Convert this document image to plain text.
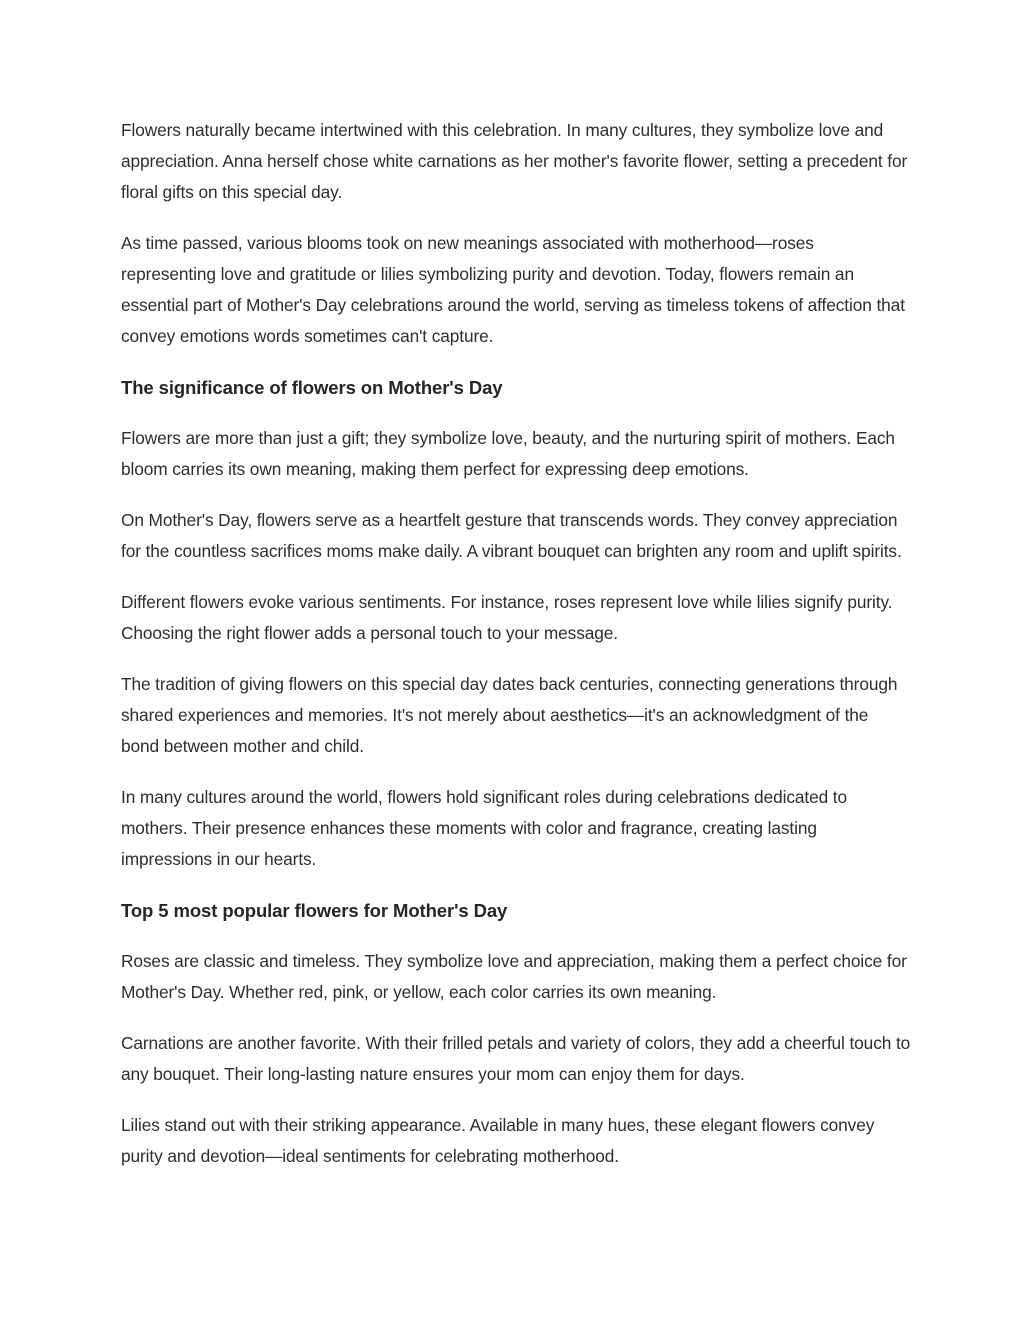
Flowers naturally became intertwined with this celebration. In many cultures, they symbolize love and appreciation. Anna herself chose white carnations as her mother's favorite flower, setting a precedent for floral gifts on this special day.

As time passed, various blooms took on new meanings associated with motherhood—roses representing love and gratitude or lilies symbolizing purity and devotion. Today, flowers remain an essential part of Mother's Day celebrations around the world, serving as timeless tokens of affection that convey emotions words sometimes can't capture.

The significance of flowers on Mother's Day

Flowers are more than just a gift; they symbolize love, beauty, and the nurturing spirit of mothers. Each bloom carries its own meaning, making them perfect for expressing deep emotions.

On Mother's Day, flowers serve as a heartfelt gesture that transcends words. They convey appreciation for the countless sacrifices moms make daily. A vibrant bouquet can brighten any room and uplift spirits.

Different flowers evoke various sentiments. For instance, roses represent love while lilies signify purity. Choosing the right flower adds a personal touch to your message.

The tradition of giving flowers on this special day dates back centuries, connecting generations through shared experiences and memories. It's not merely about aesthetics—it's an acknowledgment of the bond between mother and child.

In many cultures around the world, flowers hold significant roles during celebrations dedicated to mothers. Their presence enhances these moments with color and fragrance, creating lasting impressions in our hearts.

Top 5 most popular flowers for Mother's Day

Roses are classic and timeless. They symbolize love and appreciation, making them a perfect choice for Mother's Day. Whether red, pink, or yellow, each color carries its own meaning.

Carnations are another favorite. With their frilled petals and variety of colors, they add a cheerful touch to any bouquet. Their long-lasting nature ensures your mom can enjoy them for days.

Lilies stand out with their striking appearance. Available in many hues, these elegant flowers convey purity and devotion—ideal sentiments for celebrating motherhood.
